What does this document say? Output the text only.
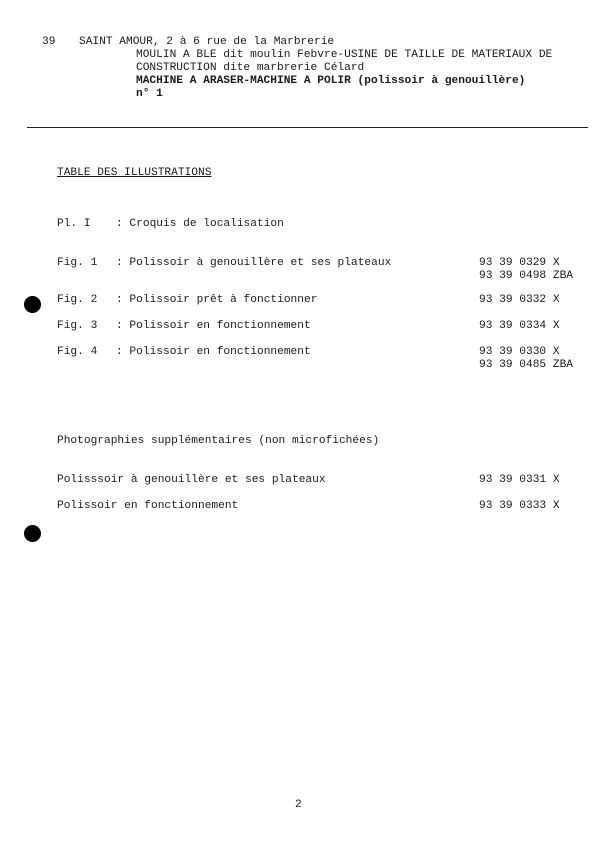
39 SAINT AMOUR, 2 à 6 rue de la Marbrerie
MOULIN A BLE dit moulin Febvre-USINE DE TAILLE DE MATERIAUX DE
CONSTRUCTION dite marbrerie Célard
MACHINE A ARASER-MACHINE A POLIR (polissoir à genouillère)
n° 1
TABLE DES ILLUSTRATIONS
Pl. I : Croquis de localisation
Fig. 1 : Polissoir à genouillère et ses plateaux	93 39 0329 X
93 39 0498 ZBA
Fig. 2 : Polissoir prêt à fonctionner	93 39 0332 X
Fig. 3 : Polissoir en fonctionnement	93 39 0334 X
Fig. 4 : Polissoir en fonctionnement	93 39 0330 X
93 39 0485 ZBA
Photographies supplémentaires (non microfichées)
Polisssoir à genouillère et ses plateaux	93 39 0331 X
Polissoir en fonctionnement	93 39 0333 X
2
